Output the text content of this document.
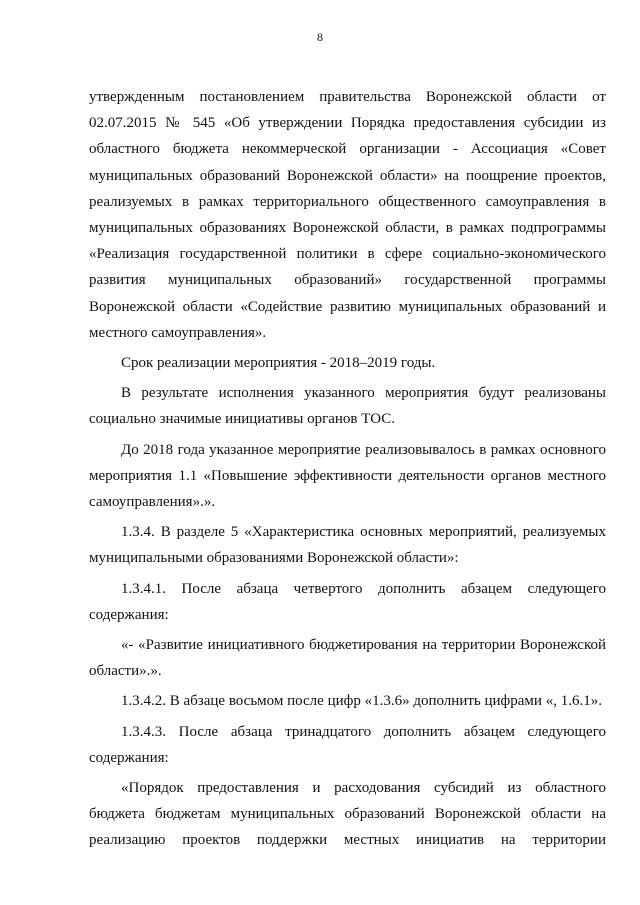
8

утвержденным постановлением правительства Воронежской области от 02.07.2015 № 545 «Об утверждении Порядка предоставления субсидии из областного бюджета некоммерческой организации - Ассоциация «Совет муниципальных образований Воронежской области» на поощрение проектов, реализуемых в рамках территориального общественного самоуправления в муниципальных образованиях Воронежской области, в рамках подпрограммы «Реализация государственной политики в сфере социально-экономического развития муниципальных образований» государственной программы Воронежской области «Содействие развитию муниципальных образований и местного самоуправления».

Срок реализации мероприятия - 2018–2019 годы.

В результате исполнения указанного мероприятия будут реализованы социально значимые инициативы органов ТОС.

До 2018 года указанное мероприятие реализовывалось в рамках основного мероприятия 1.1 «Повышение эффективности деятельности органов местного самоуправления».».

1.3.4. В разделе 5 «Характеристика основных мероприятий, реализуемых муниципальными образованиями Воронежской области»:

1.3.4.1. После абзаца четвертого дополнить абзацем следующего содержания:

«- «Развитие инициативного бюджетирования на территории Воронежской области».».

1.3.4.2. В абзаце восьмом после цифр «1.3.6» дополнить цифрами «, 1.6.1».

1.3.4.3. После абзаца тринадцатого дополнить абзацем следующего содержания:

«Порядок предоставления и расходования субсидий из областного бюджета бюджетам муниципальных образований Воронежской области на реализацию проектов поддержки местных инициатив на территории
